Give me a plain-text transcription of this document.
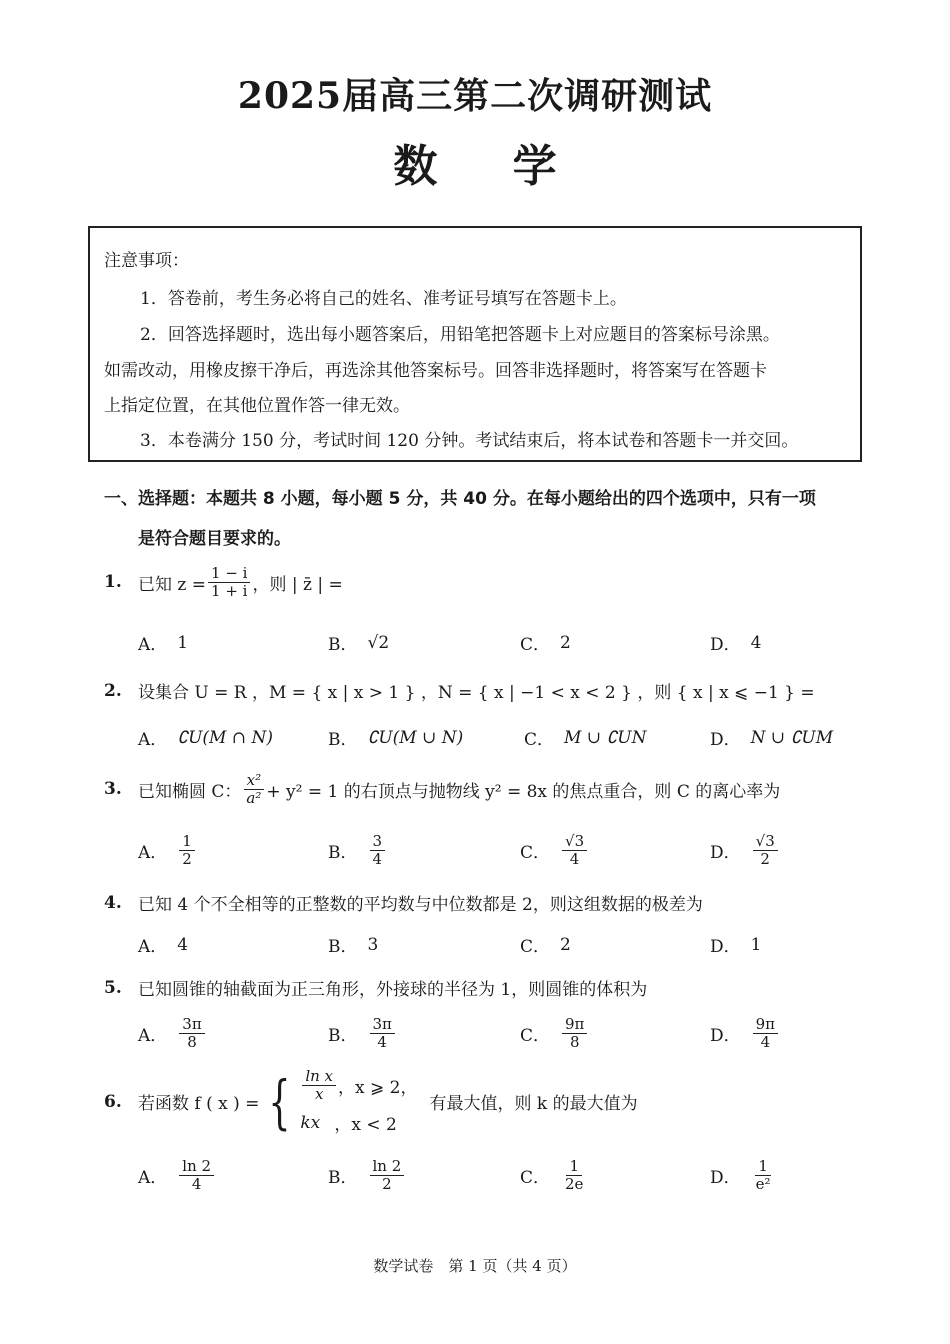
2025届高三第二次调研测试
数 学
注意事项：
1．答卷前，考生务必将自己的姓名、准考证号填写在答题卡上。
2．回答选择题时，选出每小题答案后，用铅笔把答题卡上对应题目的答案标号涂黑。
如需改动，用橡皮擦干净后，再选涂其他答案标号。回答非选择题时，将答案写在答题卡
上指定位置，在其他位置作答一律无效。
3．本卷满分 150 分，考试时间 120 分钟。考试结束后，将本试卷和答题卡一并交回。
一、选择题：本题共 8 小题，每小题 5 分，共 40 分。在每小题给出的四个选项中，只有一项
是符合题目要求的。
1. 已知 $z = \frac{1 - i}{1 + i}$ ，则 | z̄ | =
A． 1	B． √2	C． 2	D． 4
2. 设集合 U = R ，M = { x | x > 1 } ，N = { x | −1 < x < 2 } ，则 { x | x ⩽ −1 } =
A． ∁U(M ∩ N)	B． ∁U(M ∪ N)	C． M ∪ ∁UN	D． N ∪ ∁UM
3. 已知椭圆 C： $\frac{\text{x²}}{\text{a²}} + y^2 = 1$ 的右顶点与抛物线 y² = 8x 的焦点重合，则 C 的离心率为
A． $\frac{1}{2}$	B． $\frac{3}{4}$	C． $\frac{√3}{4}$	D． $\frac{√3}{2}$
4. 已知 4 个不全相等的正整数的平均数与中位数都是 2，则这组数据的极差为
A． 4	B． 3	C． 2	D． 1
5. 已知圆锥的轴截面为正三角形，外接球的半径为 1，则圆锥的体积为
A． $\frac{3\pi}{8}$	B． $\frac{3\pi}{4}$	C． $\frac{9\pi}{8}$	D． $\frac{9\pi}{4}$
6. 若函数 f ( x ) = { $\frac{\text{ln x}}{x}$ ，x ⩾ 2，
kx ，x < 2
有最大值，则 k 的最大值为
A． $\frac{\ln 2}{4}$	B． $\frac{\ln 2}{2}$	C． $\frac{1}{2e}$	D． $\frac{1}{\text{e²}}$
数学试卷　第 1 页（共 4 页）
